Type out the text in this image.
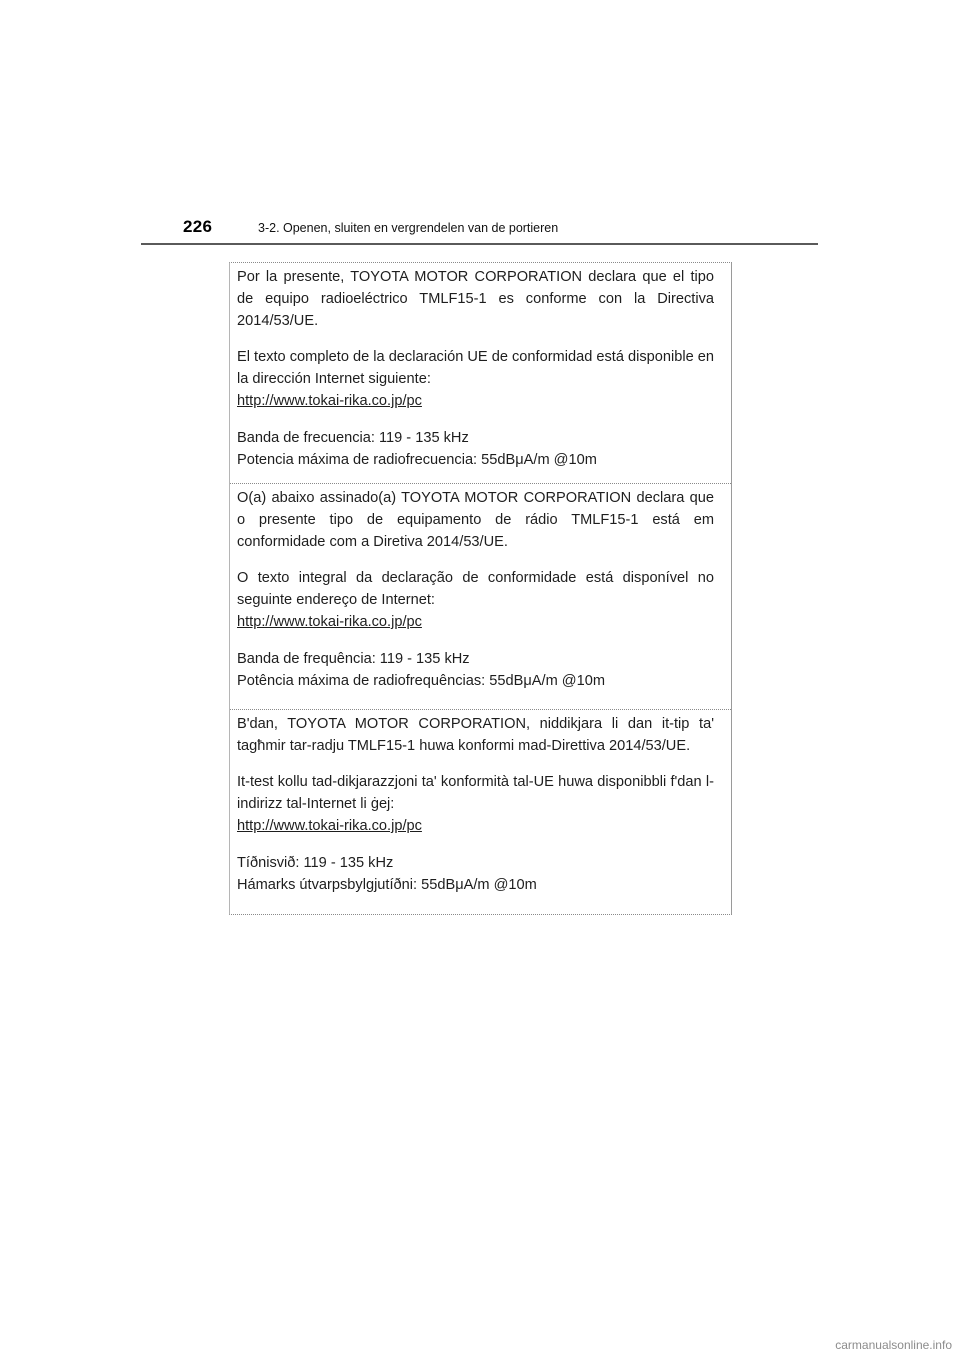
226	3-2. Openen, sluiten en vergrendelen van de portieren

Por la presente, TOYOTA MOTOR CORPORATION declara que el tipo de equipo radioeléctrico TMLF15-1 es conforme con la Directiva 2014/53/UE.

El texto completo de la declaración UE de conformidad está disponible en la dirección Internet siguiente:

http://www.tokai-rika.co.jp/pc
Banda de frecuencia: 119 - 135 kHz
Potencia máxima de radiofrecuencia: 55dBμA/m @10m

O(a) abaixo assinado(a) TOYOTA MOTOR CORPORATION declara que o presente tipo de equipamento de rádio TMLF15-1 está em conformidade com a Diretiva 2014/53/UE.

O texto integral da declaração de conformidade está disponível no seguinte endereço de Internet:

http://www.tokai-rika.co.jp/pc
Banda de frequência: 119 - 135 kHz
Potência máxima de radiofrequências: 55dBμA/m @10m

B'dan, TOYOTA MOTOR CORPORATION, niddikjara li dan it-tip ta' tagħmir tar-radju TMLF15-1 huwa konformi mad-Direttiva 2014/53/UE.

It-test kollu tad-dikjarazzjoni ta' konformità tal-UE huwa disponibbli f'dan l-indirizz tal-Internet li ġej:

http://www.tokai-rika.co.jp/pc
Tíðnisvið: 119 - 135 kHz
Hámarks útvarpsbylgjutíðni: 55dBμA/m @10m
carmanualsonline.info
